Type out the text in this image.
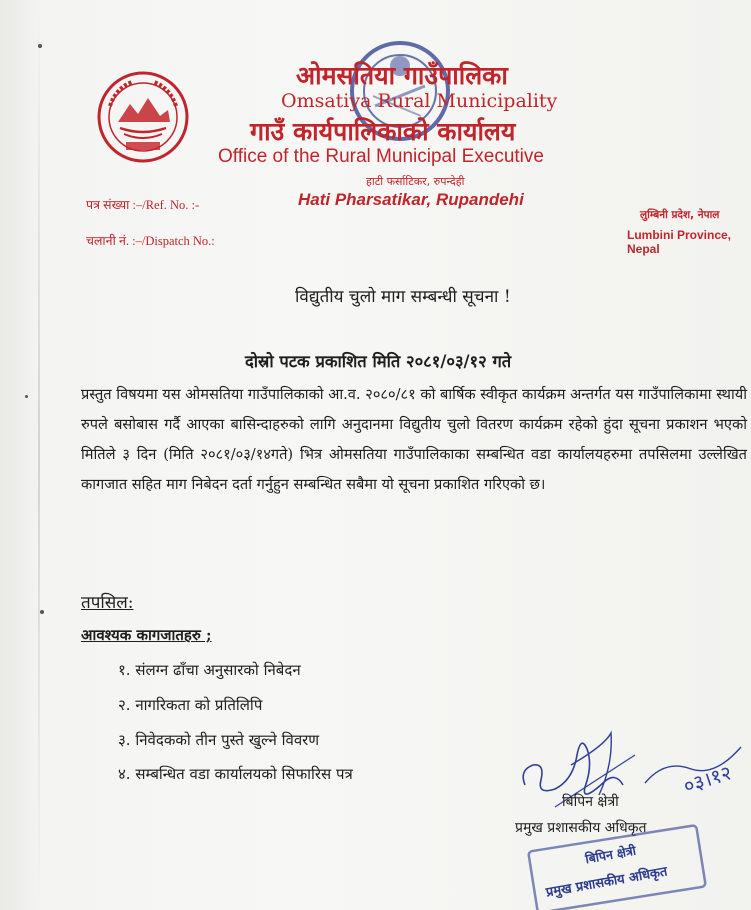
ओमसतिया गाउँपालिका
Omsatiya Rural Municipality
गाउँ कार्यपालिकाको कार्यालय
Office of the Rural Municipal Executive
हाटी फर्साटिकर, रुपन्देही
Hati Pharsatikar, Rupandehi
पत्र संख्या :–/Ref. No. :-
चलानी नं. :–/Dispatch No.:
लुम्बिनी प्रदेश, नेपाल
Lumbini Province, Nepal
विद्युतीय चुलो माग सम्बन्धी सूचना !
दोस्रो पटक प्रकाशित मिति २०८१/०३/१२ गते
प्रस्तुत विषयमा यस ओमसतिया गाउँपालिकाको आ.व. २०८०/८१ को बार्षिक स्वीकृत कार्यक्रम अन्तर्गत यस गाउँपालिकामा स्थायी रुपले बसोबास गर्दै आएका बासिन्दाहरुको लागि अनुदानमा विद्युतीय चुलो वितरण कार्यक्रम रहेको हुंदा सूचना प्रकाशन भएको मितिले ३ दिन (मिति २०८१/०३/१४गते) भित्र ओमसतिया गाउँपालिकाका सम्बन्धित वडा कार्यालयहरुमा तपसिलमा उल्लेखित कागजात सहित माग निबेदन दर्ता गर्नुहुन सम्बन्धित सबैमा यो सूचना प्रकाशित गरिएको छ।
तपसिल:
आवश्यक कागजातहरु ;
१. संलग्न ढाँचा अनुसारको निबेदन
२. नागरिकता को प्रतिलिपि
३. निवेदकको तीन पुस्ते खुल्ने विवरण
४. सम्बन्धित वडा कार्यालयको सिफारिस पत्र	०३।१२
बिपिन क्षेत्री
प्रमुख प्रशासकीय अधिकृत
बिपिन क्षेत्री
प्रमुख प्रशासकीय अधिकृत
